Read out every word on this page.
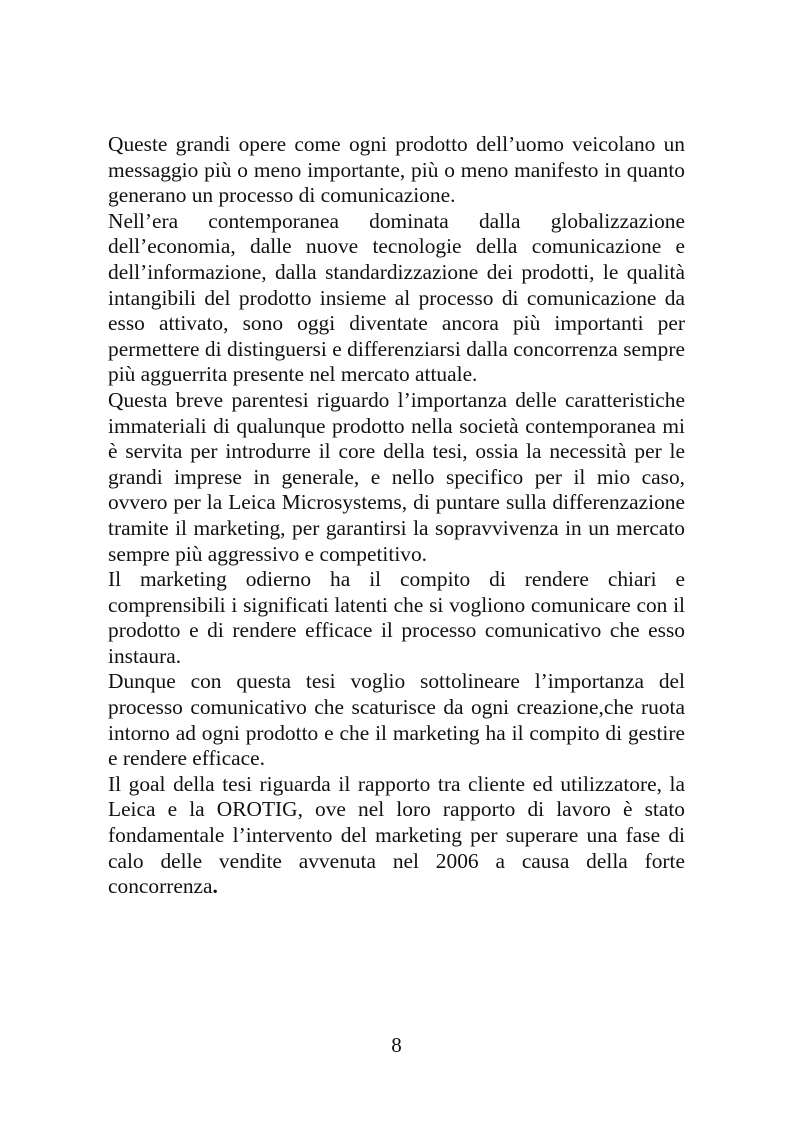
Queste grandi opere come ogni prodotto dell’uomo veicolano un messaggio più o meno importante, più o meno manifesto in quanto generano un processo di comunicazione.

Nell’era contemporanea dominata dalla globalizzazione dell’economia, dalle nuove tecnologie della comunicazione e dell’informazione, dalla standardizzazione dei prodotti, le qualità intangibili del prodotto insieme al processo di comunicazione da esso attivato, sono oggi diventate ancora più importanti per permettere di distinguersi e differenziarsi dalla concorrenza sempre più agguerrita presente nel mercato attuale.

Questa breve parentesi riguardo l’importanza delle caratteristiche immateriali di qualunque prodotto nella società contemporanea mi è servita per introdurre il core della tesi, ossia la necessità per le grandi imprese in generale, e nello specifico per il mio caso, ovvero per la Leica Microsystems, di puntare sulla differenzazione tramite il marketing, per garantirsi la sopravvivenza in un mercato sempre più aggressivo e competitivo.

Il marketing odierno ha il compito di rendere chiari e comprensibili i significati latenti che si vogliono comunicare con il prodotto e di rendere efficace il processo comunicativo che esso instaura.

Dunque con questa tesi voglio sottolineare l’importanza del processo comunicativo che scaturisce da ogni creazione,che ruota intorno ad ogni prodotto e che il marketing ha il compito di gestire e rendere efficace.

Il goal della tesi riguarda il rapporto tra cliente ed utilizzatore, la Leica e la OROTIG, ove nel loro rapporto di lavoro è stato fondamentale l’intervento del marketing per superare una fase di calo delle vendite avvenuta nel 2006 a causa della forte concorrenza.

8
